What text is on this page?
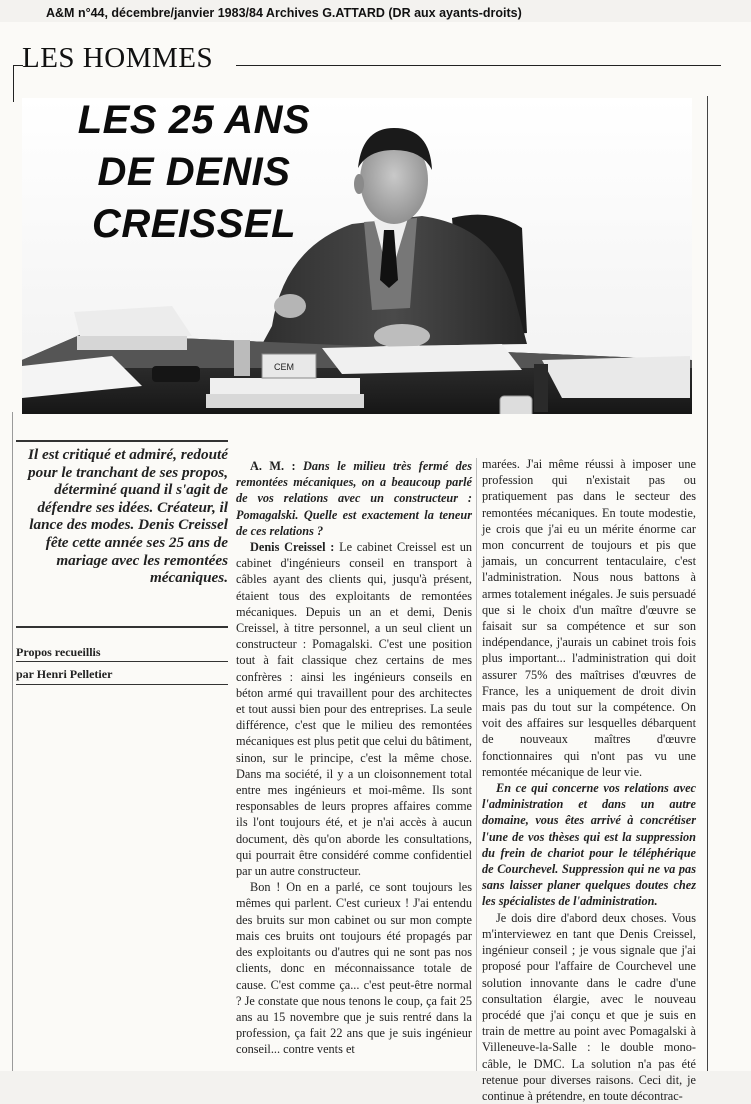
A&M n°44, décembre/janvier 1983/84 Archives G.ATTARD (DR aux ayants-droits)
LES HOMMES
CEM
LES 25 ANS
DE DENIS
CREISSEL
Il est critiqué et admiré, redouté pour le tranchant de ses propos, déterminé quand il s'agit de défendre ses idées. Créateur, il lance des modes. Denis Creissel fête cette année ses 25 ans de mariage avec les remontées mécaniques.
Propos recueillis
par Henri Pelletier

A. M. : Dans le milieu très fermé des remontées mécaniques, on a beaucoup parlé de vos relations avec un constructeur : Pomagalski. Quelle est exactement la teneur de ces relations ?

Denis Creissel : Le cabinet Creissel est un cabinet d'ingénieurs conseil en transport à câbles ayant des clients qui, jusqu'à présent, étaient tous des exploitants de remontées mécaniques. Depuis un an et demi, Denis Creissel, à titre personnel, a un seul client un constructeur : Pomagalski. C'est une position tout à fait classique chez certains de mes confrères : ainsi les ingénieurs conseils en béton armé qui travaillent pour des architectes et tout aussi bien pour des entreprises. La seule différence, c'est que le milieu des remontées mécaniques est plus petit que celui du bâtiment, sinon, sur le principe, c'est la même chose. Dans ma société, il y a un cloisonnement total entre mes ingénieurs et moi-même. Ils sont responsables de leurs propres affaires comme ils l'ont toujours été, et je n'ai accès à aucun document, dès qu'on aborde les consultations, qui pourrait être considéré comme confidentiel par un autre constructeur.

Bon ! On en a parlé, ce sont toujours les mêmes qui parlent. C'est curieux ! J'ai entendu des bruits sur mon cabinet ou sur mon compte mais ces bruits ont toujours été propagés par des exploitants ou d'autres qui ne sont pas nos clients, donc en méconnaissance totale de cause. C'est comme ça... c'est peut-être normal ? Je constate que nous tenons le coup, ça fait 25 ans au 15 novembre que je suis rentré dans la profession, ça fait 22 ans que je suis ingénieur conseil... contre vents et

marées. J'ai même réussi à imposer une profession qui n'existait pas ou pratiquement pas dans le secteur des remontées mécaniques. En toute modestie, je crois que j'ai eu un mérite énorme car mon concurrent de toujours et pis que jamais, un concurrent tentaculaire, c'est l'administration. Nous nous battons à armes totalement inégales. Je suis persuadé que si le choix d'un maître d'œuvre se faisait sur sa compétence et sur son indépendance, j'aurais un cabinet trois fois plus important... l'administration qui doit assurer 75% des maîtrises d'œuvres de France, les a uniquement de droit divin mais pas du tout sur la compétence. On voit des affaires sur lesquelles débarquent de nouveaux maîtres d'œuvre fonctionnaires qui n'ont pas vu une remontée mécanique de leur vie.

En ce qui concerne vos relations avec l'administration et dans un autre domaine, vous êtes arrivé à concrétiser l'une de vos thèses qui est la suppression du frein de chariot pour le téléphérique de Courchevel. Suppression qui ne va pas sans laisser planer quelques doutes chez les spécialistes de l'administration.

Je dois dire d'abord deux choses. Vous m'interviewez en tant que Denis Creissel, ingénieur conseil ; je vous signale que j'ai proposé pour l'affaire de Courchevel une solution innovante dans le cadre d'une consultation élargie, avec le nouveau procédé que j'ai conçu et que je suis en train de mettre au point avec Pomagalski à Villeneuve-la-Salle : le double mono-câble, le DMC. La solution n'a pas été retenue pour diverses raisons. Ceci dit, je continue à prétendre, en toute décontrac-
